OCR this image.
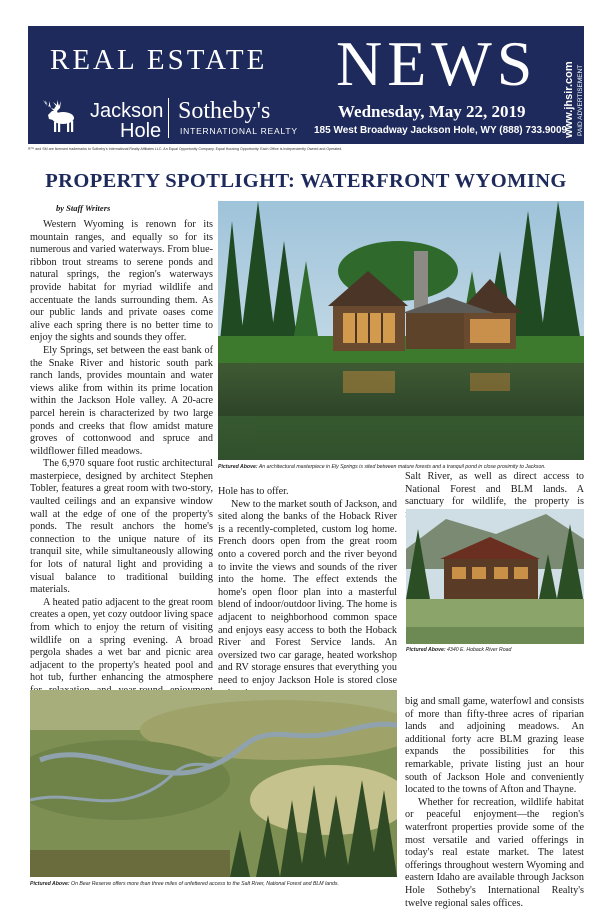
REAL ESTATE NEWS
Jackson
Hole
Sotheby's
INTERNATIONAL REALTY
Wednesday, May 22, 2019
185 West Broadway Jackson Hole, WY (888) 733.9009
www.jhsir.com PAID ADVERTISEMENT
®™ and SM are licensed trademarks to Sotheby's International Realty Affiliates LLC. An Equal Opportunity Company. Equal Housing Opportunity. Each Office is Independently Owned and Operated.
PROPERTY SPOTLIGHT: WATERFRONT WYOMING
by Staff Writers

Western Wyoming is renown for its mountain ranges, and equally so for its numerous and varied waterways. From blue-ribbon trout streams to serene ponds and natural springs, the region's waterways provide habitat for myriad wildlife and accentuate the lands surrounding them. As our public lands and private oases come alive each spring there is no better time to enjoy the sights and sounds they offer.

Ely Springs, set between the east bank of the Snake River and historic south park ranch lands, provides mountain and water views alike from within its prime location within the Jackson Hole valley. A 20-acre parcel herein is characterized by two large ponds and creeks that flow amidst mature groves of cottonwood and spruce and wildflower filled meadows.

The 6,970 square foot rustic architectural masterpiece, designed by architect Stephen Tobler, features a great room with two-story, vaulted ceilings and an expansive window wall at the edge of one of the property's ponds. The result anchors the home's connection to the unique nature of its tranquil site, while simultaneously allowing for lots of natural light and providing a visual balance to traditional building materials.

A heated patio adjacent to the great room creates a open, yet cozy outdoor living space from which to enjoy the return of visiting wildlife on a spring evening. A broad pergola shades a wet bar and picnic area adjacent to the property's heated pool and hot tub, further enhancing the atmosphere

Pictured Above: An architectural masterpiece in Ely Springs is sited between mature forests and a tranquil pond in close proximity to Jackson.

Hole has to offer.

New to the market south of Jackson, and sited along the banks of the Hoback River is a recently-completed, custom log home. French doors open from the great room onto a covered porch and the river beyond to invite the views and sounds of the river into the home. The effect extends the home's open floor plan into a masterful blend of indoor/outdoor living. The home is adjacent to neighborhood common space and enjoys easy access to both the Hoback River and Forest Service lands. An oversized two car garage, heated workshop and RV storage ensures that everything you need to enjoy Jackson Hole is stored close

Salt River, as well as direct access to National Forest and BLM lands. A sanctuary for wildlife, the property is

Pictured Above: 4340 E. Hoback River Road

big and small game, waterfowl and consists of more than fifty-three acres of riparian lands and adjoining meadows. An additional forty acre BLM grazing lease expands the possibilities for this remarkable, private listing just an hour south of Jackson Hole and conveniently located to the towns of Afton and Thayne.

Whether for recreation, wildlife habitat or peaceful enjoyment—the region's waterfront properties provide some of the most versatile and varied offerings in today's real estate market. The latest offerings throughout western Wyoming and eastern Idaho are available through Jackson Hole Sotheby's International Realty's twelve regional sales offices.

Pictured Above: On Bear Reserve offers more than three miles of unfettered access to the Salt River, National Forest and BLM lands.
